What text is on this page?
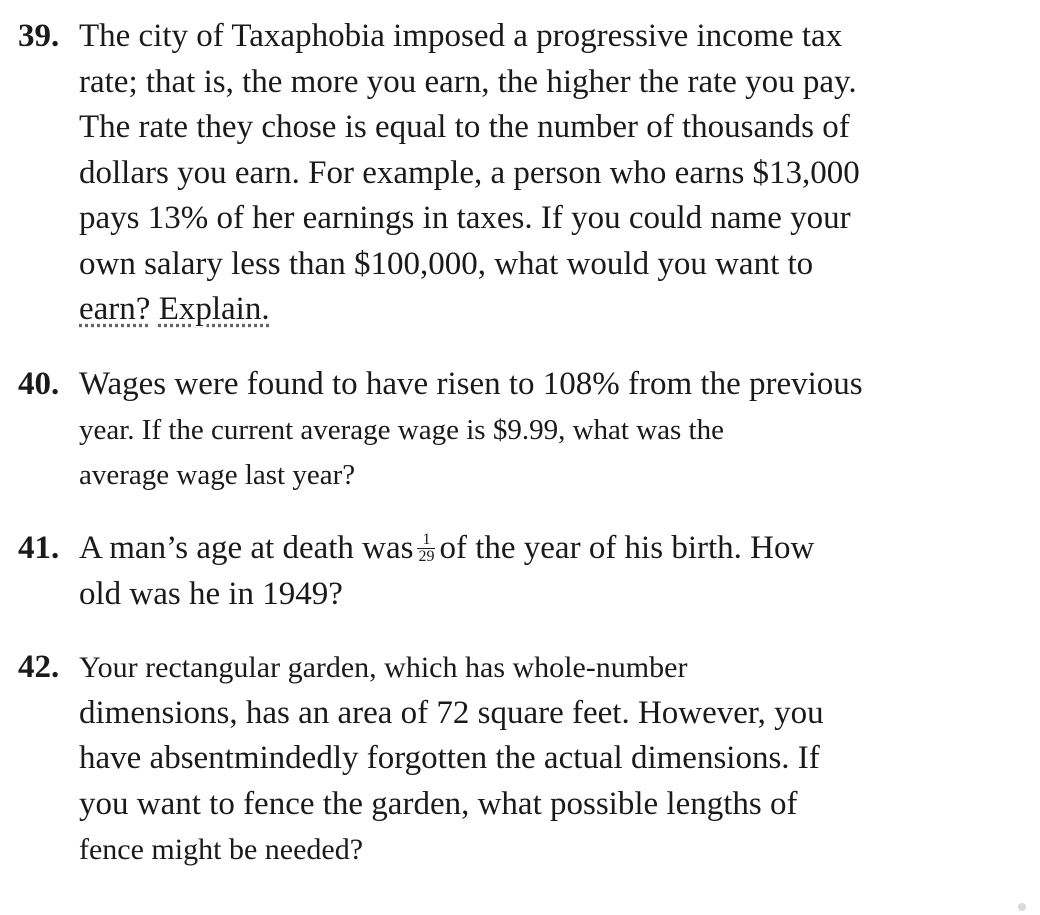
39. The city of Taxaphobia imposed a progressive income tax
rate; that is, the more you earn, the higher the rate you pay.
The rate they chose is equal to the number of thousands of
dollars you earn. For example, a person who earns $13,000
pays 13% of her earnings in taxes. If you could name your
own salary less than $100,000, what would you want to
earn? Explain.
40. Wages were found to have risen to 108% from the previous
year. If the current average wage is $9.99, what was the
average wage last year?
41. A man’s age at death was $\frac{1}{29}$ of the year of his birth. How
old was he in 1949?
42. Your rectangular garden, which has whole-number
dimensions, has an area of 72 square feet. However, you
have absentmindedly forgotten the actual dimensions. If
you want to fence the garden, what possible lengths of
fence might be needed?
